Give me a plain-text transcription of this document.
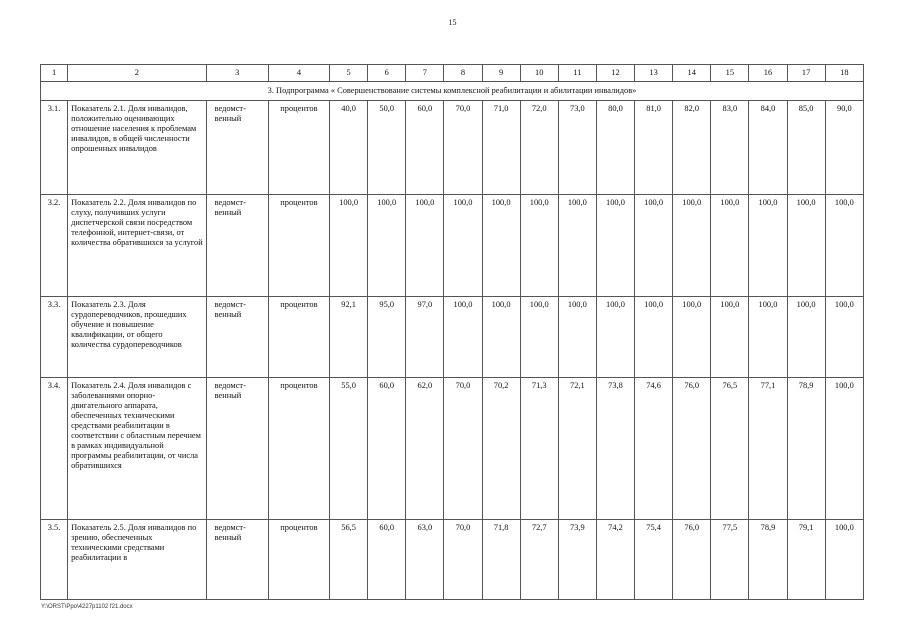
15
1	2	3	4	5	6	7	8	9	10	11	12	13	14	15	16	17	18
3. Подпрограмма « Совершенствование системы комплексной реабилитации и абилитации инвалидов»																	
3.1.	Показатель 2.1. Доля инвалидов, положительно оценивающих отношение населения к проблемам инвалидов, в общей численности опрошенных инвалидов	ведомст-венный	процентов	40,0	50,0	60,0	70,0	71,0	72,0	73,0	80,0	81,0	82,0	83,0	84,0	85,0	90,0
3.2.	Показатель 2.2. Доля инвалидов по слуху, получивших услуги диспетчерской связи посредством телефонной, интернет-связи, от количества обратившихся за услугой	ведомст-венный	процентов	100,0	100,0	100,0	100,0	100,0	100,0	100,0	100,0	100,0	100,0	100,0	100,0	100,0	100,0
3.3.	Показатель 2.3. Доля сурдопереводчиков, прошедших обучение и повышение квалификации, от общего количества сурдопереводчиков	ведомст-венный	процентов	92,1	95,0	97,0	100,0	100,0	100,0	100,0	100,0	100,0	100,0	100,0	100,0	100,0	100,0
3.4.	Показатель 2.4. Доля инвалидов с заболеваниями опорно-двигательного аппарата, обеспеченных техническими средствами реабилитации в соответствии с областным перечнем в рамках индивидуальной программы реабилитации, от числа обратившихся	ведомст-венный	процентов	55,0	60,0	62,0	70,0	70,2	71,3	72,1	73,8	74,6	76,0	76,5	77,1	78,9	100,0
3.5.	Показатель 2.5. Доля инвалидов по зрению, обеспеченных техническими средствами реабилитации в	ведомст-венный	процентов	56,5	60,0	63,0	70,0	71,8	72,7	73,9	74,2	75,4	76,0	77,5	78,9	79,1	100,0
Y:\ORST\Ppo\4227p1102 f21.docx
